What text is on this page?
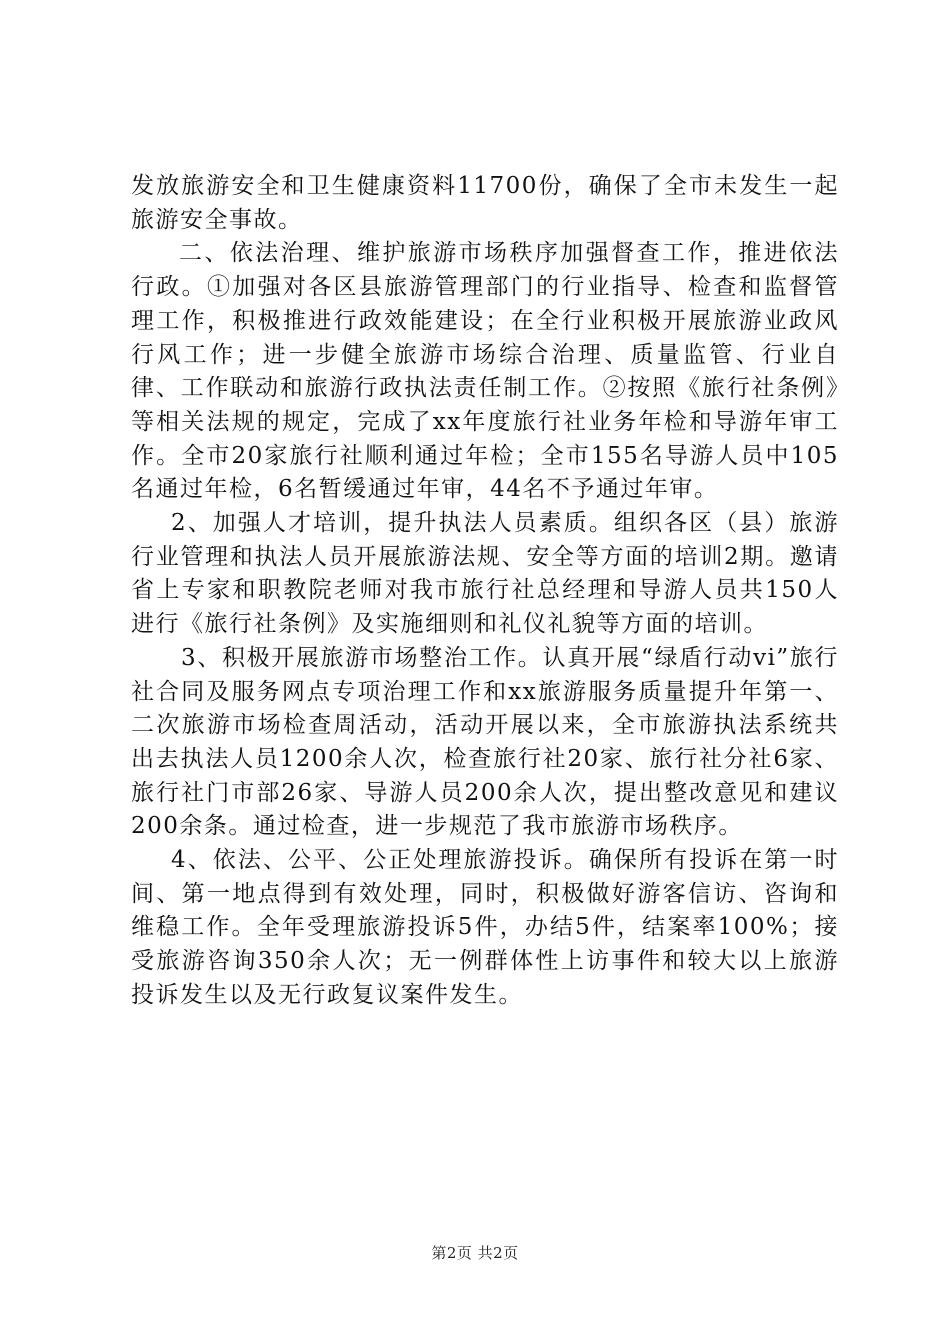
发放旅游安全和卫生健康资料11700份，确保了全市未发生一起旅游安全事故。

二、依法治理、维护旅游市场秩序加强督查工作，推进依法行政。①加强对各区县旅游管理部门的行业指导、检查和监督管理工作，积极推进行政效能建设；在全行业积极开展旅游业政风行风工作；进一步健全旅游市场综合治理、质量监管、行业自律、工作联动和旅游行政执法责任制工作。②按照《旅行社条例》等相关法规的规定，完成了xx年度旅行社业务年检和导游年审工作。全市20家旅行社顺利通过年检；全市155名导游人员中105名通过年检，6名暂缓通过年审，44名不予通过年审。

2、加强人才培训，提升执法人员素质。组织各区（县）旅游行业管理和执法人员开展旅游法规、安全等方面的培训2期。邀请省上专家和职教院老师对我市旅行社总经理和导游人员共150人进行《旅行社条例》及实施细则和礼仪礼貌等方面的培训。

3、积极开展旅游市场整治工作。认真开展“绿盾行动vi”旅行社合同及服务网点专项治理工作和xx旅游服务质量提升年第一、二次旅游市场检查周活动，活动开展以来，全市旅游执法系统共出去执法人员1200余人次，检查旅行社20家、旅行社分社6家、旅行社门市部26家、导游人员200余人次，提出整改意见和建议200余条。通过检查，进一步规范了我市旅游市场秩序。

4、依法、公平、公正处理旅游投诉。确保所有投诉在第一时间、第一地点得到有效处理，同时，积极做好游客信访、咨询和维稳工作。全年受理旅游投诉5件，办结5件，结案率100%；接受旅游咨询350余人次；无一例群体性上访事件和较大以上旅游投诉发生以及无行政复议案件发生。

第2页 共2页
